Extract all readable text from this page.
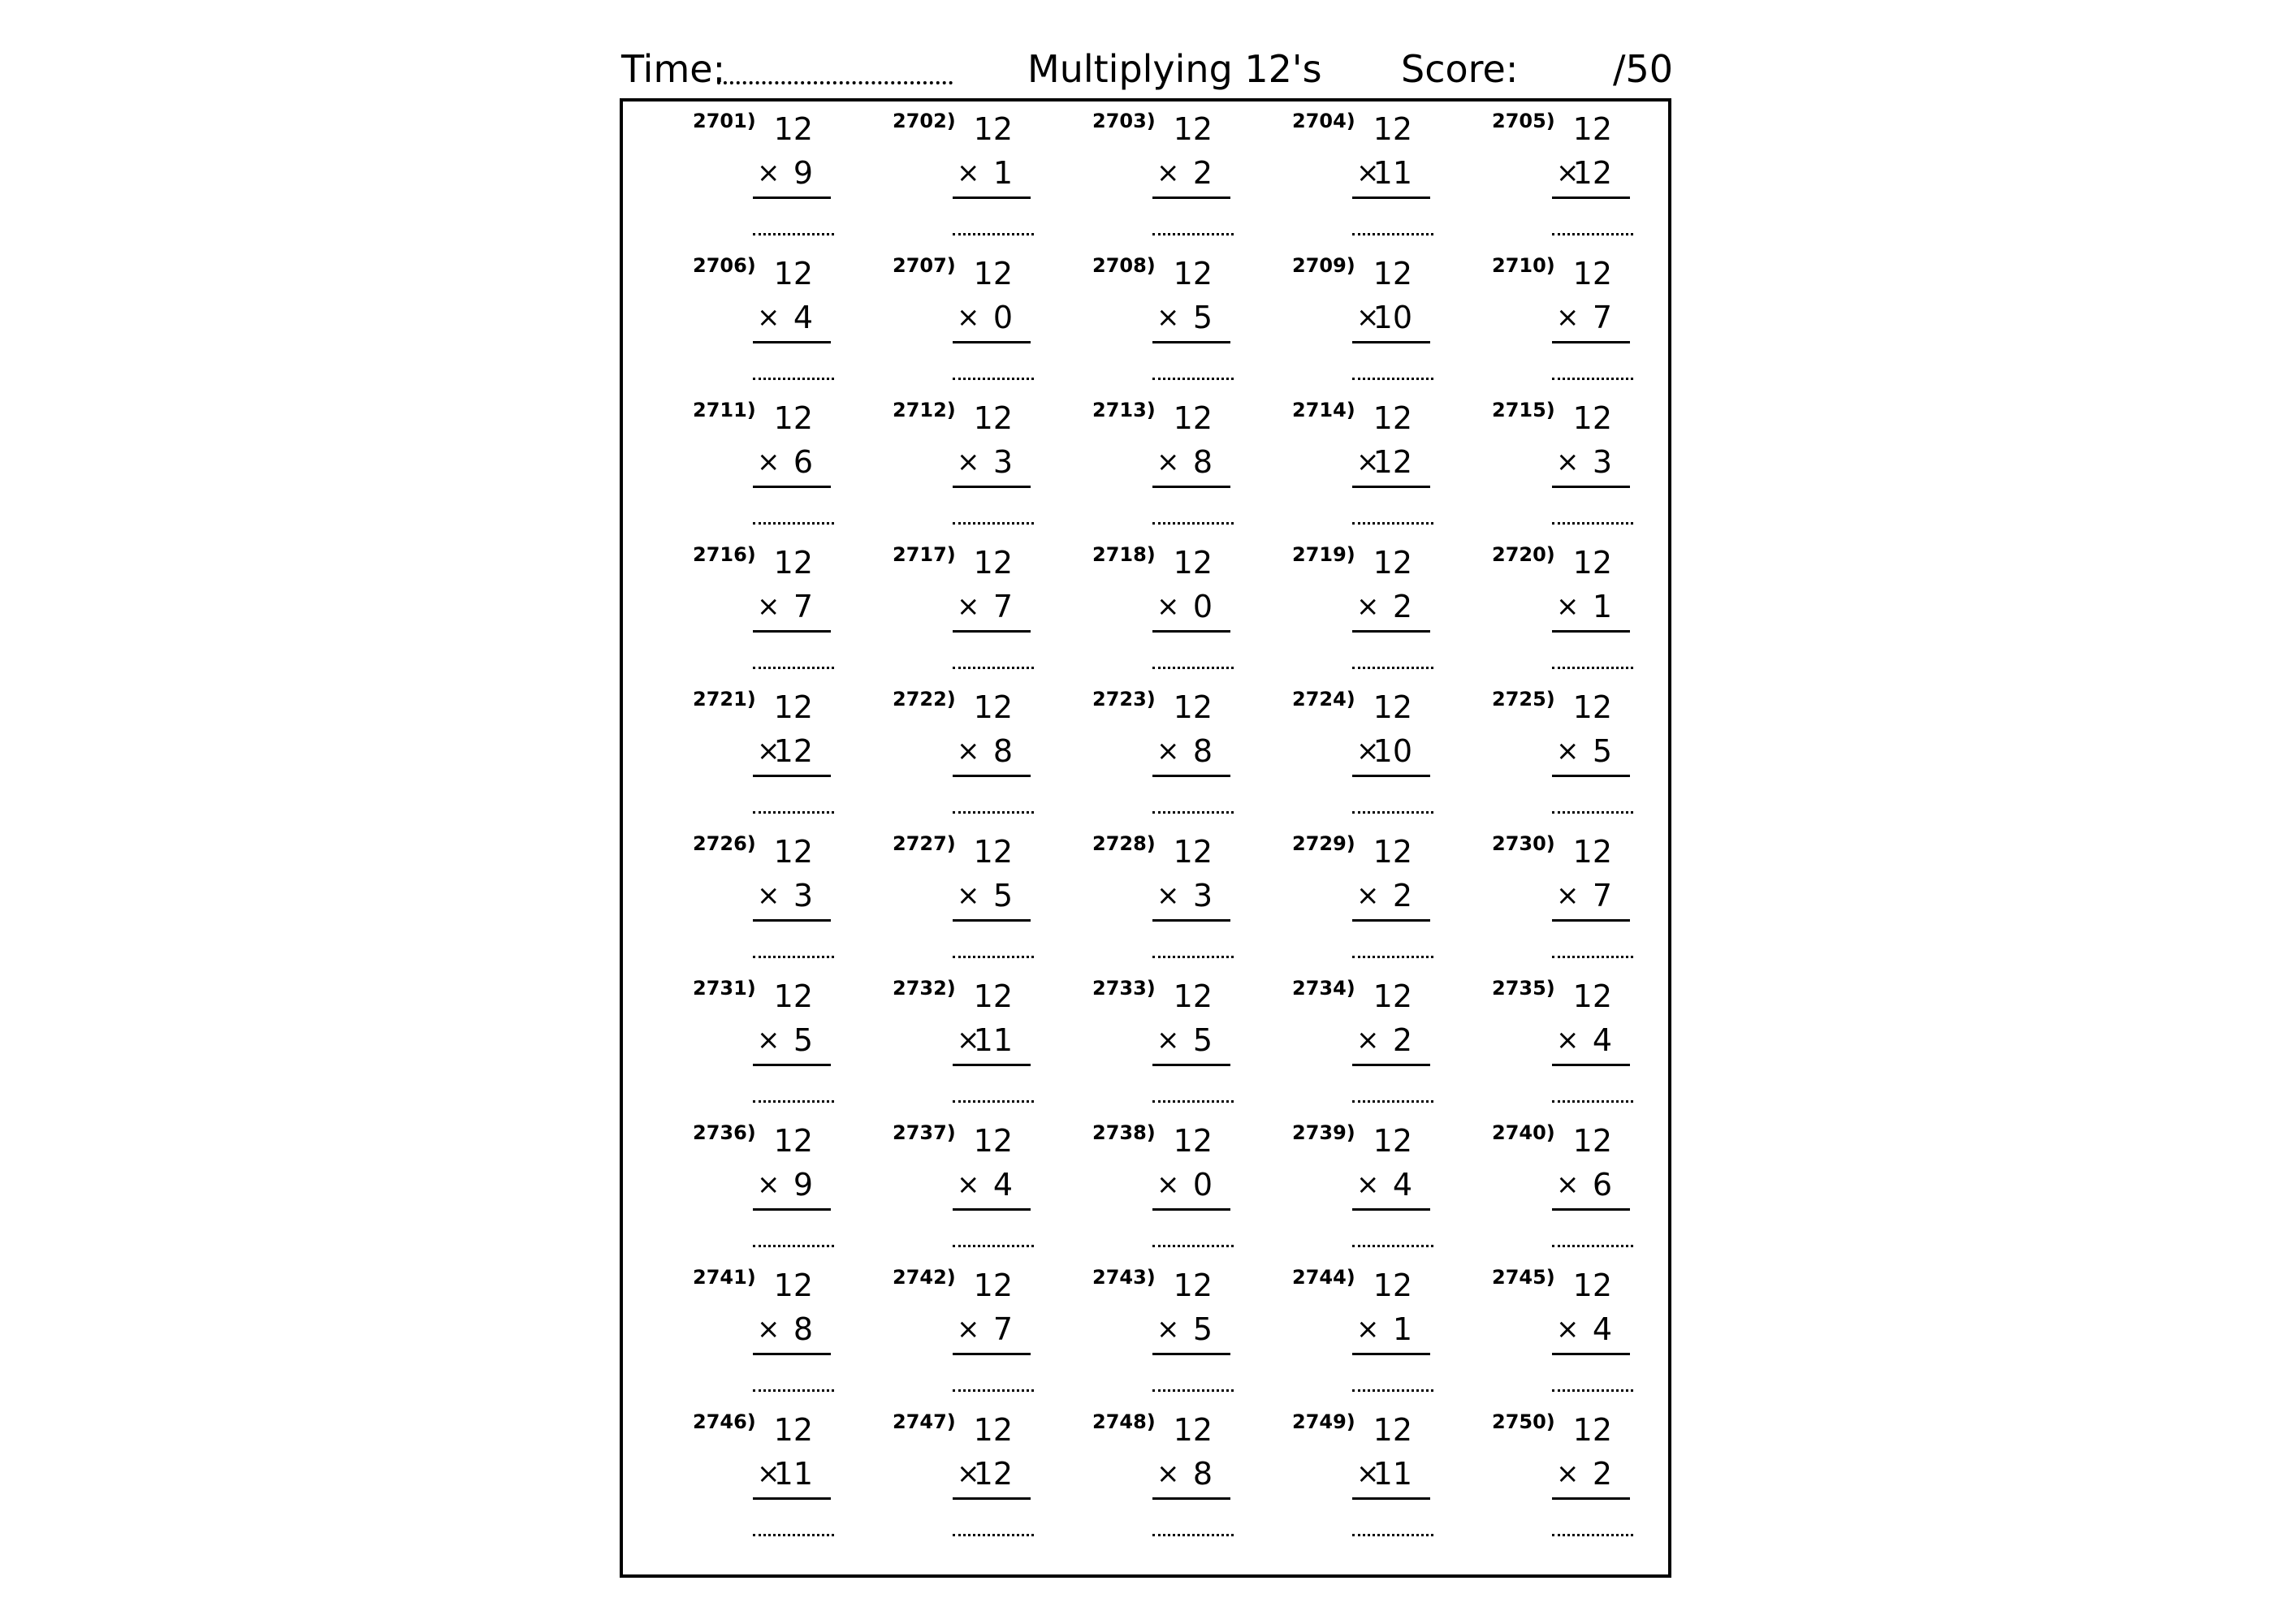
Time:	Multiplying 12's Score:	/50
2701) 12
× 9
2702) 12
× 1
2703) 12
× 2
2704) 12
×
11
2705) 12
×
12
2706) 12
× 4
2707) 12
× 0
2708) 12
× 5
2709) 12
×
10
2710) 12
× 7
2711) 12
× 6
2712) 12
× 3
2713) 12
× 8
2714) 12
×
12
2715) 12
× 3
2716) 12
× 7
2717) 12
× 7
2718) 12
× 0
2719) 12
× 2
2720) 12
× 1
2721) 12
×
12
2722) 12
× 8
2723) 12
× 8
2724) 12
×
10
2725) 12
× 5
2726) 12
× 3
2727) 12
× 5
2728) 12
× 3
2729) 12
× 2
2730) 12
× 7
2731) 12
× 5
2732) 12
×
11
2733) 12
× 5
2734) 12
× 2
2735) 12
× 4
2736) 12
× 9
2737) 12
× 4
2738) 12
× 0
2739) 12
× 4
2740) 12
× 6
2741) 12
× 8
2742) 12
× 7
2743) 12
× 5
2744) 12
× 1
2745) 12
× 4
2746) 12
×
11
2747) 12
×
12
2748) 12
× 8
2749) 12
×
11
2750) 12
× 2
